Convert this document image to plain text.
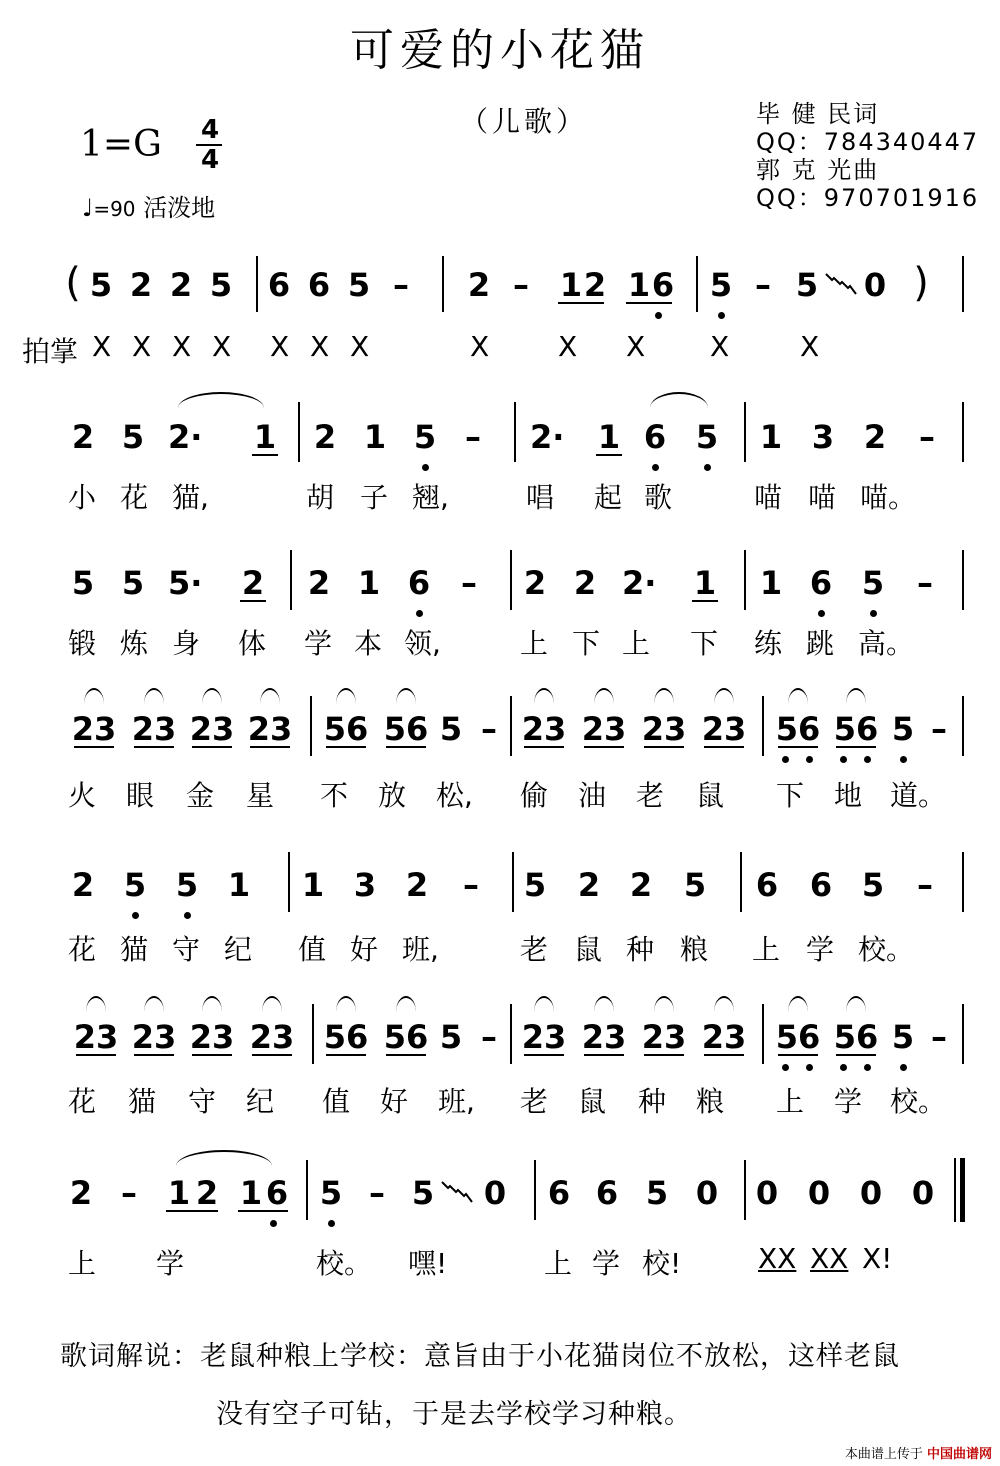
可爱的小花猫
（儿歌）	毕 健 民词
QQ：784340447
郭 克 光曲
QQ：970701916
1=G 4
4
♩=90 活泼地
( 5 2 2 5 6 6 5 – 2 – 1 2 1 6 5 – 5 0 )
拍掌 X X X X X X X	X X X X	X
2 5 2· 1 2 1 5 – 2· 1 6 5 1 3 2 –
小 花 猫,	胡 子 翘,	唱 起 歌	喵 喵 喵。
5 5 5· 2 2 1 6 – 2 2 2· 1 1 6 5 –
锻 炼 身 体 学 本 领,	上 下 上 下 练 跳 高。
23 23 23 23 56 56 5 – 23 23 23 23 56 56 5 –
火 眼 金 星 不 放 松, 偷 油 老 鼠 下 地 道。
2 5 5 1 1 3 2 – 5 2 2 5 6 6 5 –
花 猫 守 纪 值 好 班,	老 鼠 种 粮 上 学 校。
23 23 23 23 56 56 5 – 23 23 23 23 56 56 5 –
花 猫 守 纪 值 好 班, 老 鼠 种 粮 上 学 校。
2 – 1 2 1 6 5 – 5 0 6 6 5 0 0 0 0 0
上 学	校。 嘿!	上 学 校!	XX XX X!
歌词解说：老鼠种粮上学校：意旨由于小花猫岗位不放松，这样老鼠
没有空子可钻，于是去学校学习种粮。
本曲谱上传于 中国曲谱网
